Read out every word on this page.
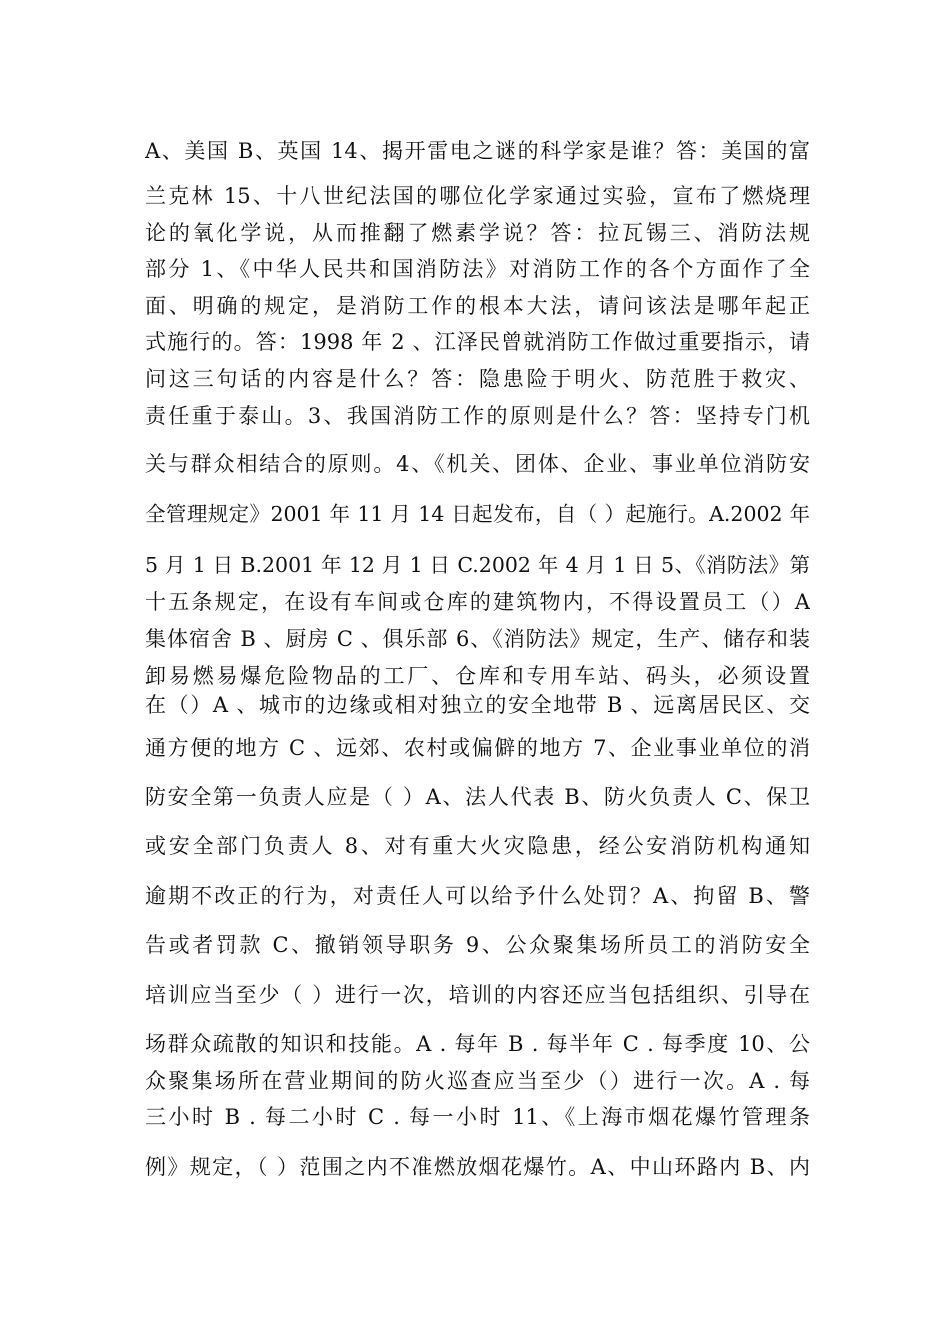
A、美国 B、英国 14、揭开雷电之谜的科学家是谁？答：美国的富
兰克林 15、十八世纪法国的哪位化学家通过实验，宣布了燃烧理
论的氧化学说，从而推翻了燃素学说？答：拉瓦锡三、消防法规
部分 1、《中华人民共和国消防法》对消防工作的各个方面作了全
面、明确的规定，是消防工作的根本大法，请问该法是哪年起正
式施行的。答：1998 年 2 、江泽民曾就消防工作做过重要指示，请
问这三句话的内容是什么？答：隐患险于明火、防范胜于救灾、
责任重于泰山。3、我国消防工作的原则是什么？答：坚持专门机
关与群众相结合的原则。4、《机关、团体、企业、事业单位消防安
全管理规定》2001 年 11 月 14 日起发布，自（ ）起施行。A.2002 年
5 月 1 日 B.2001 年 12 月 1 日 C.2002 年 4 月 1 日 5、《消防法》第
十五条规定，在设有车间或仓库的建筑物内，不得设置员工（）A
集体宿舍 B 、厨房 C 、俱乐部 6、《消防法》规定，生产、储存和装
卸易燃易爆危险物品的工厂、仓库和专用车站、码头，必须设置
在（）A 、城市的边缘或相对独立的安全地带 B 、远离居民区、交
通方便的地方 C 、远郊、农村或偏僻的地方 7、企业事业单位的消
防安全第一负责人应是（ ）A、法人代表 B、防火负责人 C、保卫
或安全部门负责人 8、对有重大火灾隐患，经公安消防机构通知
逾期不改正的行为，对责任人可以给予什么处罚？A、拘留 B、警
告或者罚款 C、撤销领导职务 9、公众聚集场所员工的消防安全
培训应当至少（ ）进行一次，培训的内容还应当包括组织、引导在
场群众疏散的知识和技能。A . 每年 B . 每半年 C . 每季度 10、公
众聚集场所在营业期间的防火巡查应当至少（）进行一次。A . 每
三小时 B . 每二小时 C . 每一小时 11、《上海市烟花爆竹管理条
例》规定，（ ）范围之内不准燃放烟花爆竹。A、中山环路内 B、内
